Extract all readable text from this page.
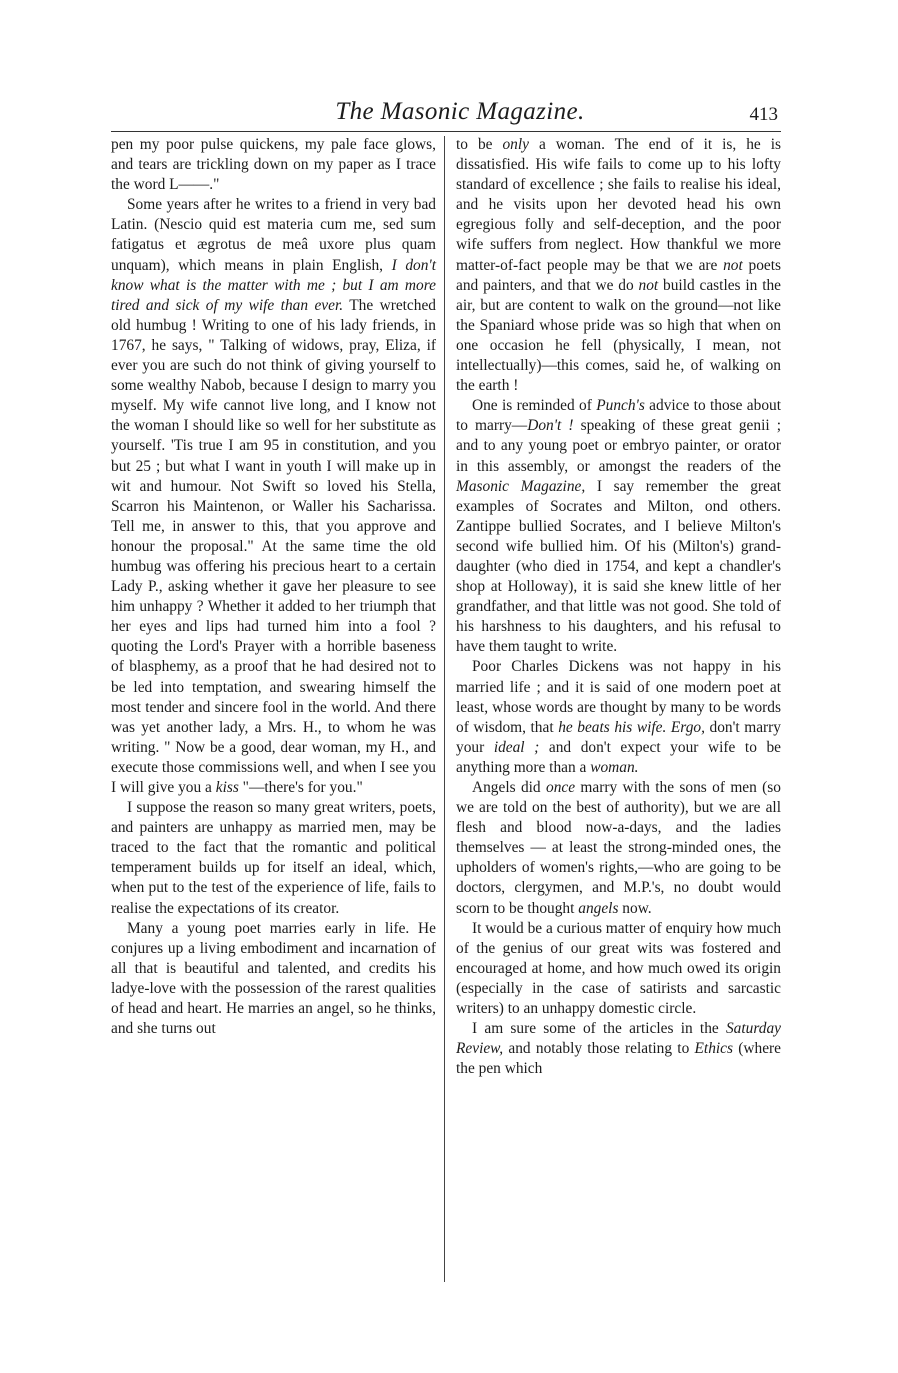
The Masonic Magazine.	413

pen my poor pulse quickens, my pale face glows, and tears are trickling down on my paper as I trace the word L——."

Some years after he writes to a friend in very bad Latin. (Nescio quid est materia cum me, sed sum fatigatus et ægrotus de meâ uxore plus quam unquam), which means in plain English, I don't know what is the matter with me ; but I am more tired and sick of my wife than ever. The wretched old humbug ! Writing to one of his lady friends, in 1767, he says, " Talking of widows, pray, Eliza, if ever you are such do not think of giving yourself to some wealthy Nabob, because I design to marry you myself. My wife cannot live long, and I know not the woman I should like so well for her substitute as yourself. 'Tis true I am 95 in constitution, and you but 25 ; but what I want in youth I will make up in wit and humour. Not Swift so loved his Stella, Scarron his Maintenon, or Waller his Sacharissa. Tell me, in answer to this, that you approve and honour the proposal." At the same time the old humbug was offering his precious heart to a certain Lady P., asking whether it gave her pleasure to see him unhappy ? Whether it added to her triumph that her eyes and lips had turned him into a fool ? quoting the Lord's Prayer with a horrible baseness of blasphemy, as a proof that he had desired not to be led into temptation, and swearing himself the most tender and sincere fool in the world. And there was yet another lady, a Mrs. H., to whom he was writing. " Now be a good, dear woman, my H., and execute those commissions well, and when I see you I will give you a kiss "—there's for you."

I suppose the reason so many great writers, poets, and painters are unhappy as married men, may be traced to the fact that the romantic and political temperament builds up for itself an ideal, which, when put to the test of the experience of life, fails to realise the expectations of its creator.

Many a young poet marries early in life. He conjures up a living embodiment and incarnation of all that is beautiful and talented, and credits his ladye-love with the possession of the rarest qualities of head and heart. He marries an angel, so he thinks, and she turns out

to be only a woman. The end of it is, he is dissatisfied. His wife fails to come up to his lofty standard of excellence ; she fails to realise his ideal, and he visits upon her devoted head his own egregious folly and self-deception, and the poor wife suffers from neglect. How thankful we more matter-of-fact people may be that we are not poets and painters, and that we do not build castles in the air, but are content to walk on the ground—not like the Spaniard whose pride was so high that when on one occasion he fell (physically, I mean, not intellectually)—this comes, said he, of walking on the earth !

One is reminded of Punch's advice to those about to marry—Don't ! speaking of these great genii ; and to any young poet or embryo painter, or orator in this assembly, or amongst the readers of the Masonic Magazine, I say remember the great examples of Socrates and Milton, ond others. Zantippe bullied Socrates, and I believe Milton's second wife bullied him. Of his (Milton's) grand-daughter (who died in 1754, and kept a chandler's shop at Holloway), it is said she knew little of her grandfather, and that little was not good. She told of his harshness to his daughters, and his refusal to have them taught to write.

Poor Charles Dickens was not happy in his married life ; and it is said of one modern poet at least, whose words are thought by many to be words of wisdom, that he beats his wife. Ergo, don't marry your ideal ; and don't expect your wife to be anything more than a woman.

Angels did once marry with the sons of men (so we are told on the best of authority), but we are all flesh and blood now-a-days, and the ladies themselves — at least the strong-minded ones, the upholders of women's rights,—who are going to be doctors, clergymen, and M.P.'s, no doubt would scorn to be thought angels now.

It would be a curious matter of enquiry how much of the genius of our great wits was fostered and encouraged at home, and how much owed its origin (especially in the case of satirists and sarcastic writers) to an unhappy domestic circle.

I am sure some of the articles in the Saturday Review, and notably those relating to Ethics (where the pen which
